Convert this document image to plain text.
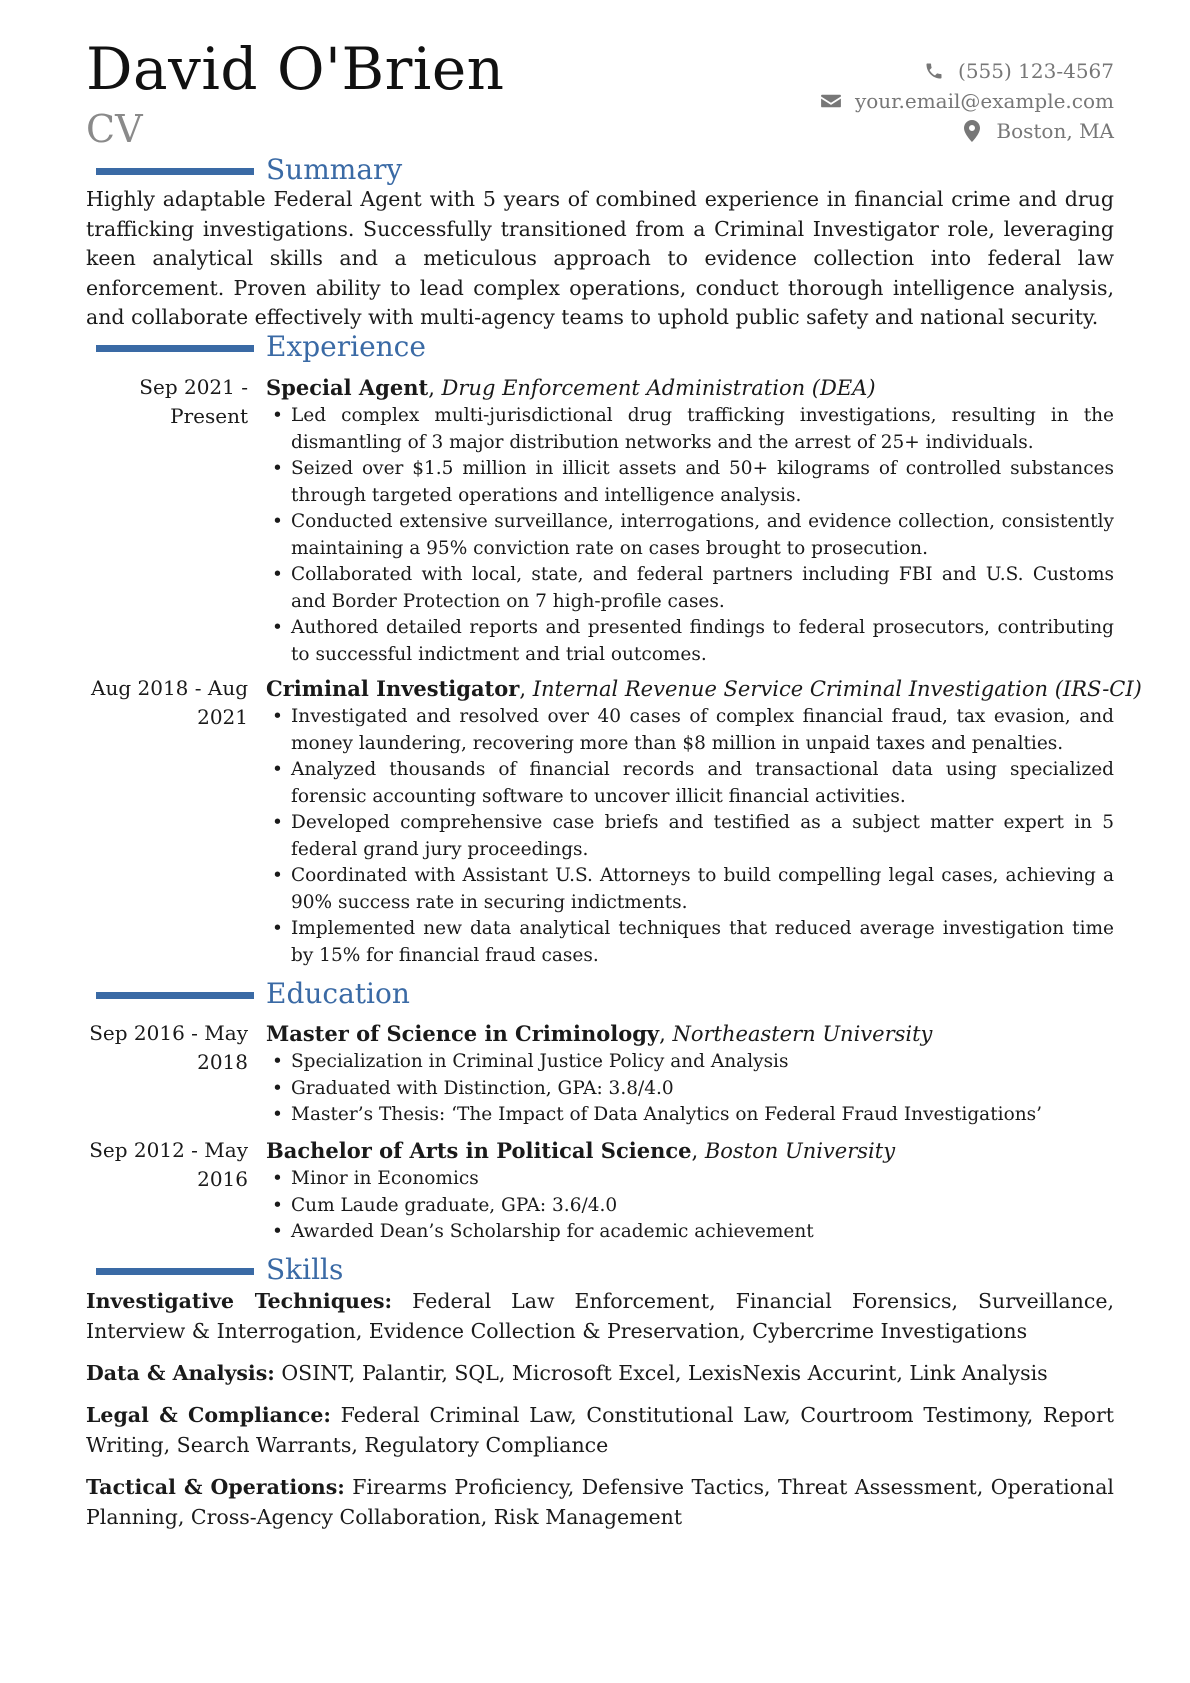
David O'Brien
CV
(555) 123-4567
your.email@example.com
Boston, MA
Summary
Highly adaptable Federal Agent with 5 years of combined experience in financial crime and drug trafficking investigations. Successfully transitioned from a Criminal Investigator role, leveraging keen analytical skills and a meticulous approach to evidence collection into federal law enforcement. Proven ability to lead complex operations, conduct thorough intelligence analysis, and collaborate effectively with multi-agency teams to uphold public safety and national security.
Experience
Sep 2021 - Present
Special Agent, Drug Enforcement Administration (DEA)
• Led complex multi-jurisdictional drug trafficking investigations, resulting in the dismantling of 3 major distribution networks and the arrest of 25+ individuals.
• Seized over $1.5 million in illicit assets and 50+ kilograms of controlled substances through targeted operations and intelligence analysis.
• Conducted extensive surveillance, interrogations, and evidence collection, consistently maintaining a 95% conviction rate on cases brought to prosecution.
• Collaborated with local, state, and federal partners including FBI and U.S. Customs and Border Protection on 7 high-profile cases.
• Authored detailed reports and presented findings to federal prosecutors, contributing to successful indictment and trial outcomes.
Aug 2018 - Aug 2021
Criminal Investigator, Internal Revenue Service Criminal Investigation (IRS-CI)
• Investigated and resolved over 40 cases of complex financial fraud, tax evasion, and money laundering, recovering more than $8 million in unpaid taxes and penalties.
• Analyzed thousands of financial records and transactional data using specialized forensic accounting software to uncover illicit financial activities.
• Developed comprehensive case briefs and testified as a subject matter expert in 5 federal grand jury proceedings.
• Coordinated with Assistant U.S. Attorneys to build compelling legal cases, achieving a 90% success rate in securing indictments.
• Implemented new data analytical techniques that reduced average investigation time by 15% for financial fraud cases.
Education
Sep 2016 - May 2018
Master of Science in Criminology, Northeastern University
• Specialization in Criminal Justice Policy and Analysis
• Graduated with Distinction, GPA: 3.8/4.0
• Master’s Thesis: ‘The Impact of Data Analytics on Federal Fraud Investigations’
Sep 2012 - May 2016
Bachelor of Arts in Political Science, Boston University
• Minor in Economics
• Cum Laude graduate, GPA: 3.6/4.0
• Awarded Dean’s Scholarship for academic achievement
Skills
Investigative Techniques: Federal Law Enforcement, Financial Forensics, Surveillance, Interview & Interrogation, Evidence Collection & Preservation, Cybercrime Investigations
Data & Analysis: OSINT, Palantir, SQL, Microsoft Excel, LexisNexis Accurint, Link Analysis
Legal & Compliance: Federal Criminal Law, Constitutional Law, Courtroom Testimony, Report Writing, Search Warrants, Regulatory Compliance
Tactical & Operations: Firearms Proficiency, Defensive Tactics, Threat Assessment, Operational Planning, Cross-Agency Collaboration, Risk Management
